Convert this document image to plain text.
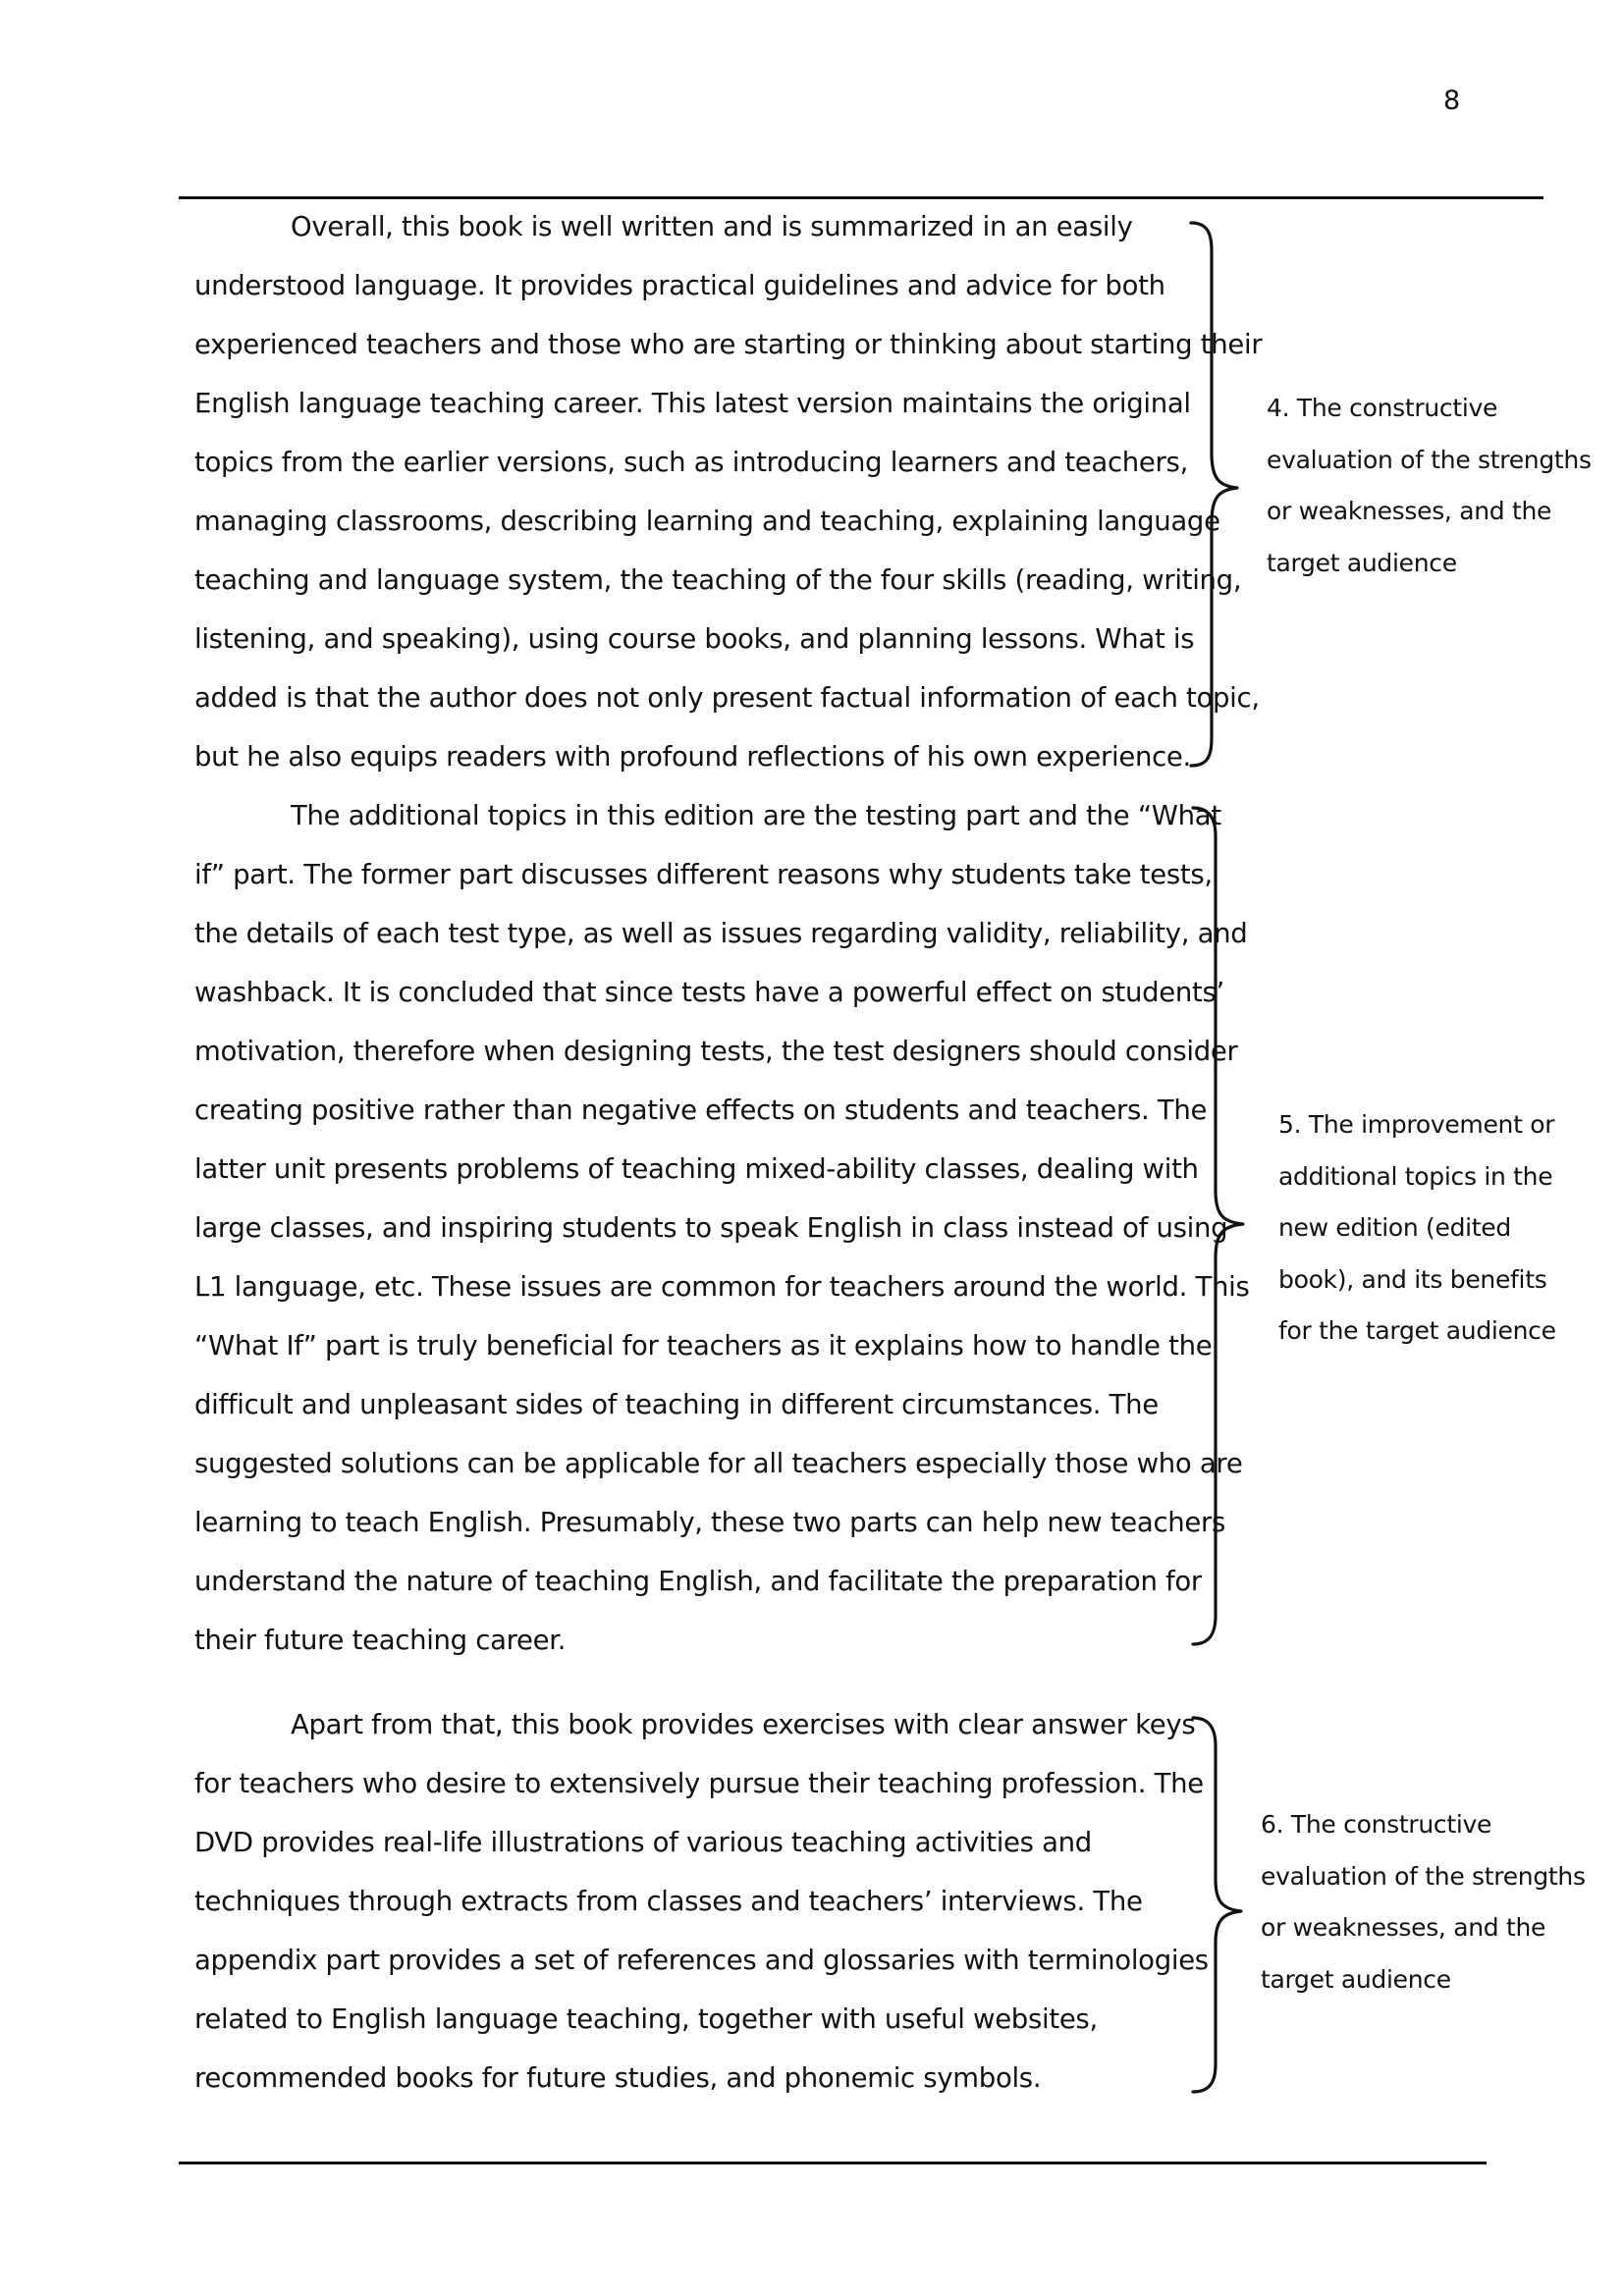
8
Overall, this book is well written and is summarized in an easily
understood language. It provides practical guidelines and advice for both
experienced teachers and those who are starting or thinking about starting their
English language teaching career. This latest version maintains the original
topics from the earlier versions, such as introducing learners and teachers,
managing classrooms, describing learning and teaching, explaining language
teaching and language system, the teaching of the four skills (reading, writing,
listening, and speaking), using course books, and planning lessons. What is
added is that the author does not only present factual information of each topic,
but he also equips readers with profound reflections of his own experience.
The additional topics in this edition are the testing part and the “What
if” part. The former part discusses different reasons why students take tests,
the details of each test type, as well as issues regarding validity, reliability, and
washback. It is concluded that since tests have a powerful effect on students’
motivation, therefore when designing tests, the test designers should consider
creating positive rather than negative effects on students and teachers. The
latter unit presents problems of teaching mixed-ability classes, dealing with
large classes, and inspiring students to speak English in class instead of using
L1 language, etc. These issues are common for teachers around the world. This
“What If” part is truly beneficial for teachers as it explains how to handle the
difficult and unpleasant sides of teaching in different circumstances. The
suggested solutions can be applicable for all teachers especially those who are
learning to teach English. Presumably, these two parts can help new teachers
understand the nature of teaching English, and facilitate the preparation for
their future teaching career.
Apart from that, this book provides exercises with clear answer keys
for teachers who desire to extensively pursue their teaching profession. The
DVD provides real-life illustrations of various teaching activities and
techniques through extracts from classes and teachers’ interviews. The
appendix part provides a set of references and glossaries with terminologies
related to English language teaching, together with useful websites,
recommended books for future studies, and phonemic symbols.
4. The constructive
evaluation of the strengths
or weaknesses, and the
target audience
5. The improvement or
additional topics in the
new edition (edited
book), and its benefits
for the target audience
6. The constructive
evaluation of the strengths
or weaknesses, and the
target audience
